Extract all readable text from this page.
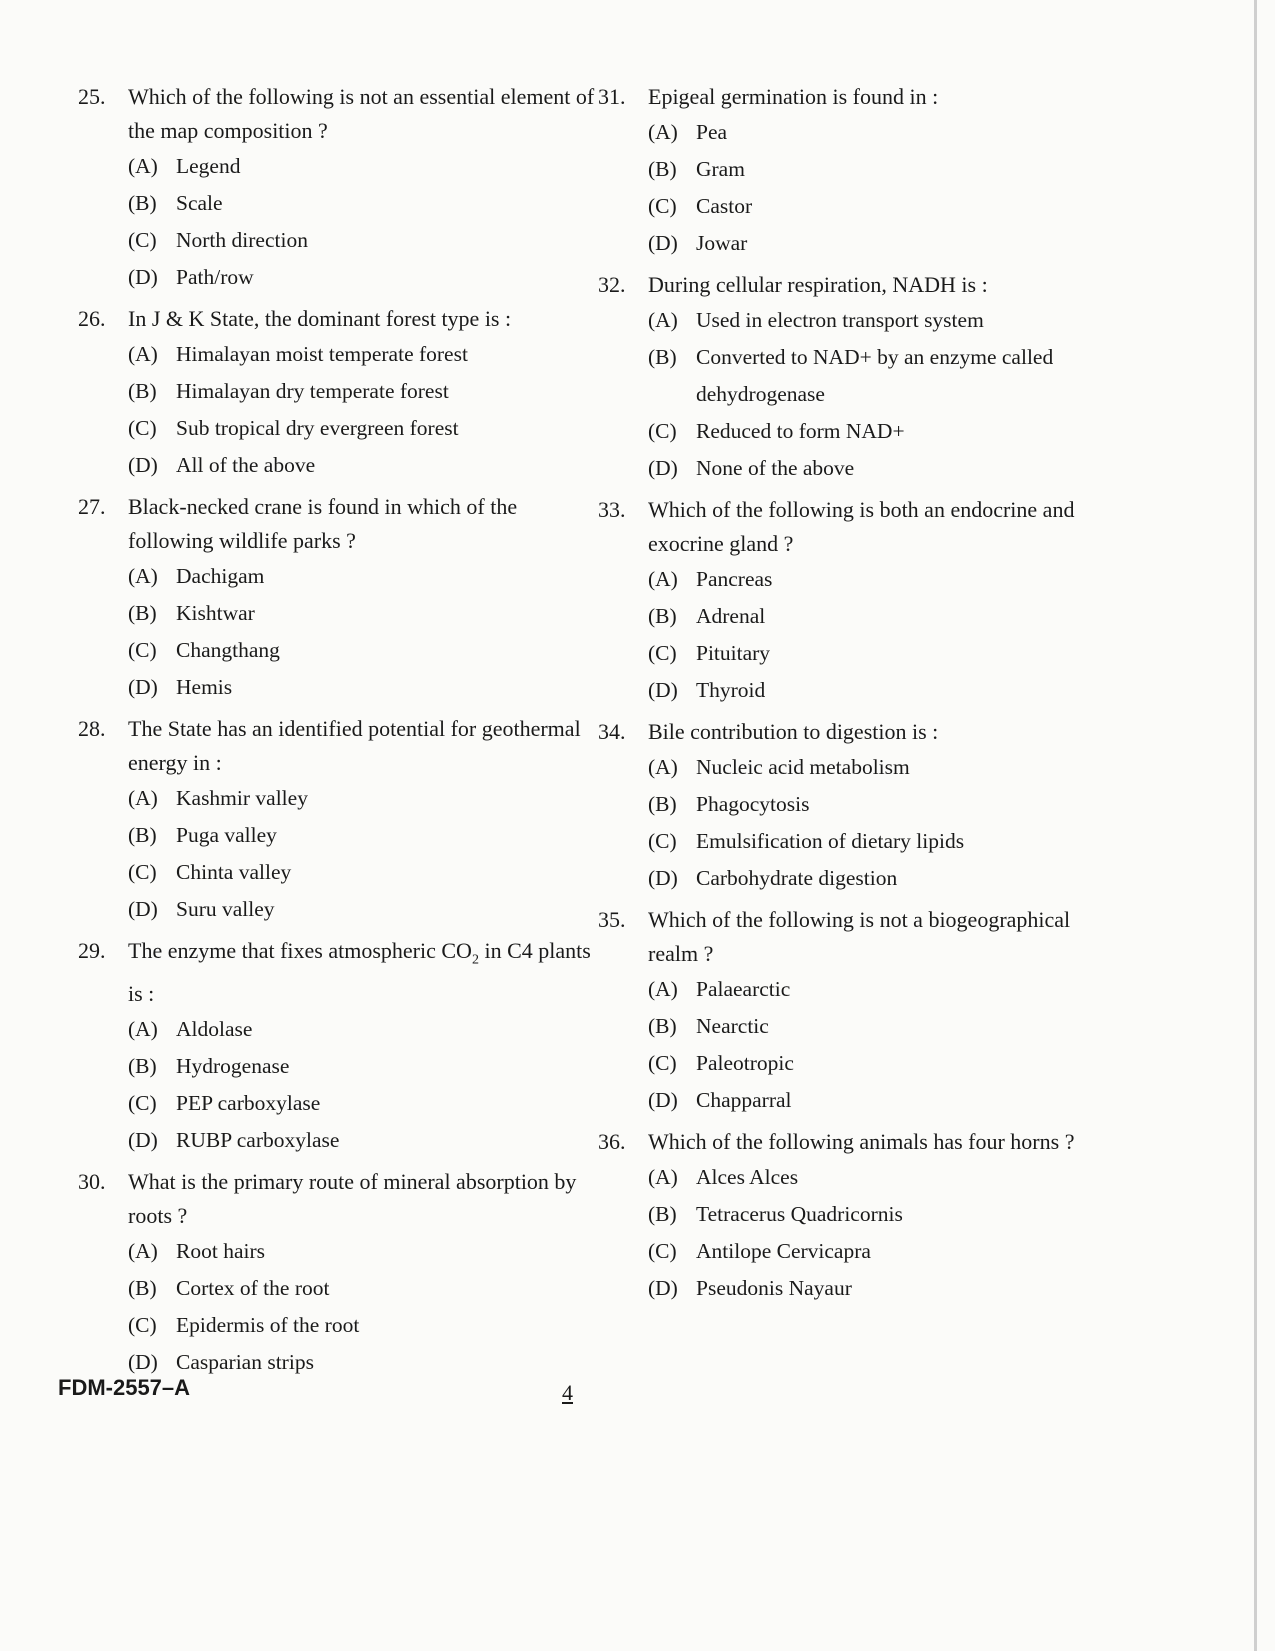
25.	Which of the following is not an essential element of the map composition ?
(A) Legend
(B) Scale
(C) North direction
(D) Path/row
26.	In J & K State, the dominant forest type is :
(A) Himalayan moist temperate forest
(B) Himalayan dry temperate forest
(C) Sub tropical dry evergreen forest
(D) All of the above
27.	Black-necked crane is found in which of the following wildlife parks ?
(A) Dachigam
(B) Kishtwar
(C) Changthang
(D) Hemis
28.	The State has an identified potential for geothermal energy in :
(A) Kashmir valley
(B) Puga valley
(C) Chinta valley
(D) Suru valley
29.	The enzyme that fixes atmospheric $CO_2$ in C4 plants is :
(A) Aldolase
(B) Hydrogenase
(C) PEP carboxylase
(D) RUBP carboxylase
30.	What is the primary route of mineral absorption by roots ?
(A) Root hairs
(B) Cortex of the root
(C) Epidermis of the root
(D) Casparian strips
31.	Epigeal germination is found in :
(A) Pea
(B) Gram
(C) Castor
(D) Jowar
32.	During cellular respiration, NADH is :
(A) Used in electron transport system
(B) Converted to NAD+ by an enzyme called dehydrogenase
(C) Reduced to form NAD+
(D) None of the above
33.	Which of the following is both an endocrine and exocrine gland ?
(A) Pancreas
(B) Adrenal
(C) Pituitary
(D) Thyroid
34.	Bile contribution to digestion is :
(A) Nucleic acid metabolism
(B) Phagocytosis
(C) Emulsification of dietary lipids
(D) Carbohydrate digestion
35.	Which of the following is not a biogeographical realm ?
(A) Palaearctic
(B) Nearctic
(C) Paleotropic
(D) Chapparral
36.	Which of the following animals has four horns ?
(A) Alces Alces
(B) Tetracerus Quadricornis
(C) Antilope Cervicapra
(D) Pseudonis Nayaur
FDM-2557–A	4
